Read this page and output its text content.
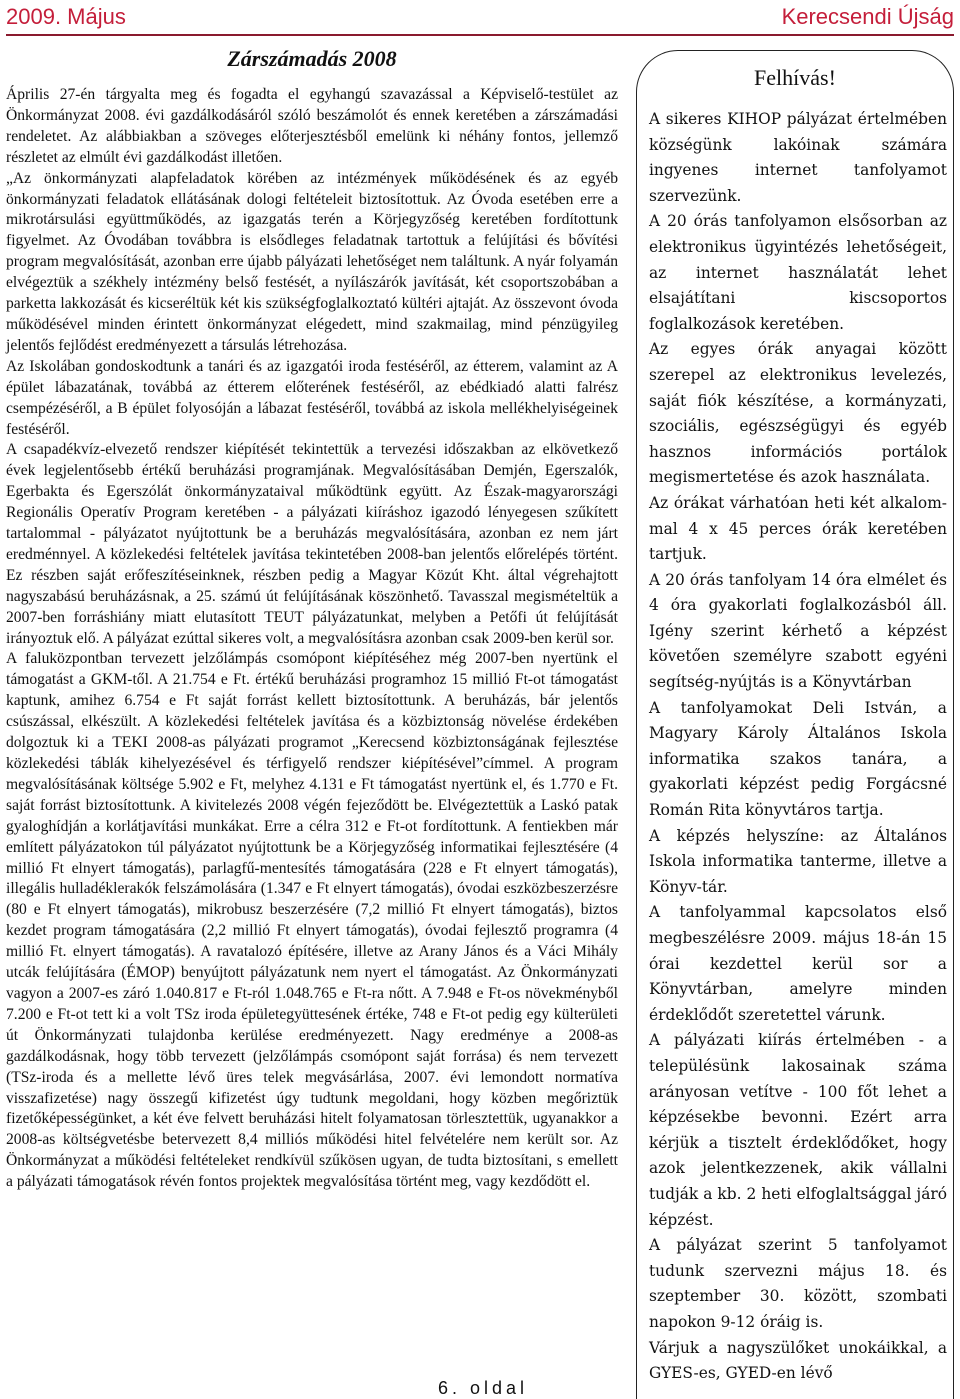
2009. Május	Kerecsendi Újság
Zárszámadás 2008

Április 27-én tárgyalta meg és fogadta el egyhangú szavazással a Képviselő-testület az Önkormányzat 2008. évi gazdálkodásáról szóló beszámolót és ennek keretében a zárszámadási rendeletet. Az alábbiakban a szöveges előterjesztésből emelünk ki néhány fontos, jellemző részletet az elmúlt évi gazdálkodást illetően.

„Az önkormányzati alapfeladatok körében az intézmények működésének és az egyéb önkormányzati feladatok ellátásának dologi feltételeit biztosítottuk. Az Óvoda esetében erre a mikrotársulási együttműködés, az igazgatás terén a Körjegyzőség keretében fordítottunk figyelmet. Az Óvodában továbbra is elsődleges feladatnak tartottuk a felújítási és bővítési program megvalósítását, azonban erre újabb pályázati lehetőséget nem találtunk. A nyár folyamán elvégeztük a székhely intézmény belső festését, a nyílászárók javítását, két csoportszobában a parketta lakkozását és kicseréltük két kis szükségfoglalkoztató kültéri ajtaját. Az összevont óvoda működésével minden érintett önkormányzat elégedett, mind szakmailag, mind pénzügyileg jelentős fejlődést eredményezett a társulás létrehozása.

Az Iskolában gondoskodtunk a tanári és az igazgatói iroda festéséről, az étterem, valamint az A épület lábazatának, továbbá az étterem előterének festéséről, az ebédkiadó alatti falrész csempézéséről, a B épület folyosóján a lábazat festéséről, továbbá az iskola mellékhelyiségeinek festéséről.

A csapadékvíz-elvezető rendszer kiépítését tekintettük a tervezési időszakban az elkövetkező évek legjelentősebb értékű beruházási programjának. Megvalósításában Demjén, Egerszalók, Egerbakta és Egerszólát önkormányzataival működtünk együtt. Az Észak-magyarországi Regionális Operatív Program keretében - a pályázati kiíráshoz igazodó lényegesen szűkített tartalommal - pályázatot nyújtottunk be a beruházás megvalósítására, azonban ez nem járt eredménnyel. A közlekedési feltételek javítása tekintetében 2008-ban jelentős előrelépés történt. Ez részben saját erőfeszítéseinknek, részben pedig a Magyar Közút Kht. által végrehajtott nagyszabású beruházásnak, a 25. számú út felújításának köszönhető. Tavasszal megismételtük a 2007-ben forráshiány miatt elutasított TEUT pályázatunkat, melyben a Petőfi út felújítását irányoztuk elő. A pályázat ezúttal sikeres volt, a megvalósításra azonban csak 2009-ben kerül sor.

A faluközpontban tervezett jelzőlámpás csomópont kiépítéséhez még 2007-ben nyertünk el támogatást a GKM-től. A 21.754 e Ft. értékű beruházási programhoz 15 millió Ft-ot támogatást kaptunk, amihez 6.754 e Ft saját forrást kellett biztosítottunk. A beruházás, bár jelentős csúszással, elkészült. A közlekedési feltételek javítása és a közbiztonság növelése érdekében dolgoztuk ki a TEKI 2008-as pályázati programot „Kerecsend közbiztonságának fejlesztése közlekedési táblák kihelyezésével és térfigyelő rendszer kiépítésével”címmel. A program megvalósításának költsége 5.902 e Ft, melyhez 4.131 e Ft támogatást nyertünk el, és 1.770 e Ft. saját forrást biztosítottunk. A kivitelezés 2008 végén fejeződött be. Elvégeztettük a Laskó patak gyaloghídján a korlátjavítási munkákat. Erre a célra 312 e Ft-ot fordítottunk. A fentiekben már említett pályázatokon túl pályázatot nyújtottunk be a Körjegyzőség informatikai fejlesztésére (4 millió Ft elnyert támogatás), parlagfű-mentesítés támogatására (228 e Ft elnyert támogatás), illegális hulladéklerakók felszámolására (1.347 e Ft elnyert támogatás), óvodai eszközbeszerzésre (80 e Ft elnyert támogatás), mikrobusz beszerzésére (7,2 millió Ft elnyert támogatás), biztos kezdet program támogatására (2,2 millió Ft elnyert támogatás), óvodai fejlesztő programra (4 millió Ft. elnyert támogatás). A ravatalozó építésére, illetve az Arany János és a Váci Mihály utcák felújítására (ÉMOP) benyújtott pályázatunk nem nyert el támogatást. Az Önkormányzati vagyon a 2007-es záró 1.040.817 e Ft-ról 1.048.765 e Ft-ra nőtt. A 7.948 e Ft-os növekményből 7.200 e Ft-ot tett ki a volt TSz iroda épületegyüttesének értéke, 748 e Ft-ot pedig egy külterületi út Önkormányzati tulajdonba kerülése eredményezett. Nagy eredménye a 2008-as gazdálkodásnak, hogy több tervezett (jelzőlámpás csomópont saját forrása) és nem tervezett (TSz-iroda és a mellette lévő üres telek megvásárlása, 2007. évi lemondott normatíva visszafizetése) nagy összegű kifizetést úgy tudtunk megoldani, hogy közben megőriztük fizetőképességünket, a két éve felvett beruházási hitelt folyamatosan törlesztettük, ugyanakkor a 2008-as költségvetésbe betervezett 8,4 milliós működési hitel felvételére nem került sor. Az Önkormányzat a működési feltételeket rendkívül szűkösen ugyan, de tudta biztosítani, s emellett a pályázati támogatások révén fontos projektek megvalósítása történt meg, vagy kezdődött el.

Felhívás!

A sikeres KIHOP pályázat értelmében községünk lakóinak számára ingyenes internet tanfolyamot szervezünk.

A 20 órás tanfolyamon elsősorban az elektronikus ügyintézés lehetőségeit, az internet használatát lehet elsajátítani kiscsoportos foglalkozások keretében.

Az egyes órák anyagai között szerepel az elektronikus levelezés, saját fiók készítése, a kormányzati, szociális, egészségügyi és egyéb hasznos információs portálok megismertetése és azok használata.

Az órákat várhatóan heti két alkalom-mal 4 x 45 perces órák keretében tartjuk.

A 20 órás tanfolyam 14 óra elmélet és 4 óra gyakorlati foglalkozásból áll. Igény szerint kérhető a képzést követően személyre szabott egyéni segítség-nyújtás is a Könyvtárban

A tanfolyamokat Deli István, a Magyary Károly Általános Iskola informatika szakos tanára, a gyakorlati képzést pedig Forgácsné Román Rita könyvtáros tartja.

A képzés helyszíne: az Általános Iskola informatika tanterme, illetve a Könyv-tár.

A tanfolyammal kapcsolatos első megbeszélésre 2009. május 18-án 15 órai kezdettel kerül sor a Könyvtárban, amelyre minden érdeklődőt szeretettel várunk.

A pályázati kiírás értelmében - a településünk lakosainak száma arányosan vetítve - 100 főt lehet a képzésekbe bevonni. Ezért arra kérjük a tisztelt érdeklődőket, hogy azok jelentkezzenek, akik vállalni tudják a kb. 2 heti elfoglaltsággal járó képzést.

A pályázat szerint 5 tanfolyamot tudunk szervezni május 18. és szeptember 30. között, szombati napokon 9-12 óráig is.

Várjuk a nagyszülőket unokáikkal, a GYES-es, GYED-en lévő

6. oldal
